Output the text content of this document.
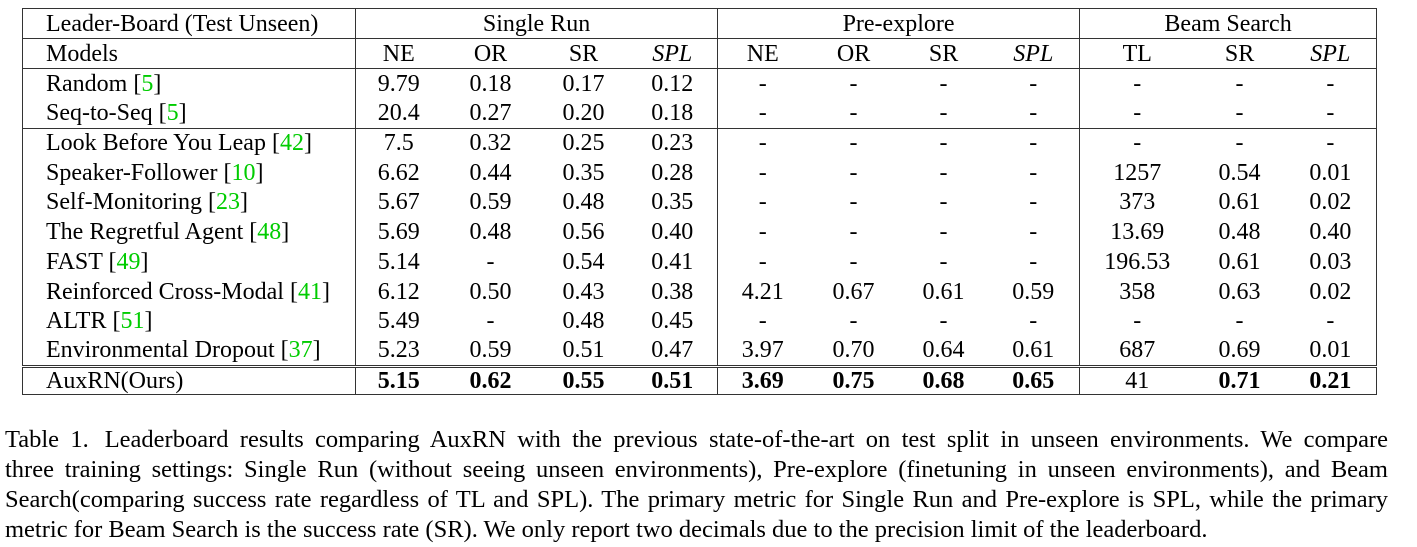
Leader-Board (Test Unseen)	Single Run				Pre-explore				Beam Search		
Models	NE	OR	SR	SPL	NE	OR	SR	SPL	TL	SR	SPL
Random [5]	9.79	0.18	0.17	0.12	-	-	-	-	-	-	-
Seq-to-Seq [5]	20.4	0.27	0.20	0.18	-	-	-	-	-	-	-
Look Before You Leap [42]	7.5	0.32	0.25	0.23	-	-	-	-	-	-	-
Speaker-Follower [10]	6.62	0.44	0.35	0.28	-	-	-	-	1257	0.54	0.01
Self-Monitoring [23]	5.67	0.59	0.48	0.35	-	-	-	-	373	0.61	0.02
The Regretful Agent [48]	5.69	0.48	0.56	0.40	-	-	-	-	13.69	0.48	0.40
FAST [49]	5.14	-	0.54	0.41	-	-	-	-	196.53	0.61	0.03
Reinforced Cross-Modal [41]	6.12	0.50	0.43	0.38	4.21	0.67	0.61	0.59	358	0.63	0.02
ALTR [51]	5.49	-	0.48	0.45	-	-	-	-	-	-	-
Environmental Dropout [37]	5.23	0.59	0.51	0.47	3.97	0.70	0.64	0.61	687	0.69	0.01
AuxRN(Ours)	5.15	0.62	0.55	0.51	3.69	0.75	0.68	0.65	41	0.71	0.21
Table 1. Leaderboard results comparing AuxRN with the previous state-of-the-art on test split in unseen environments. We compare
three training settings: Single Run (without seeing unseen environments), Pre-explore (finetuning in unseen environments), and Beam
Search(comparing success rate regardless of TL and SPL). The primary metric for Single Run and Pre-explore is SPL, while the primary
metric for Beam Search is the success rate (SR). We only report two decimals due to the precision limit of the leaderboard.
